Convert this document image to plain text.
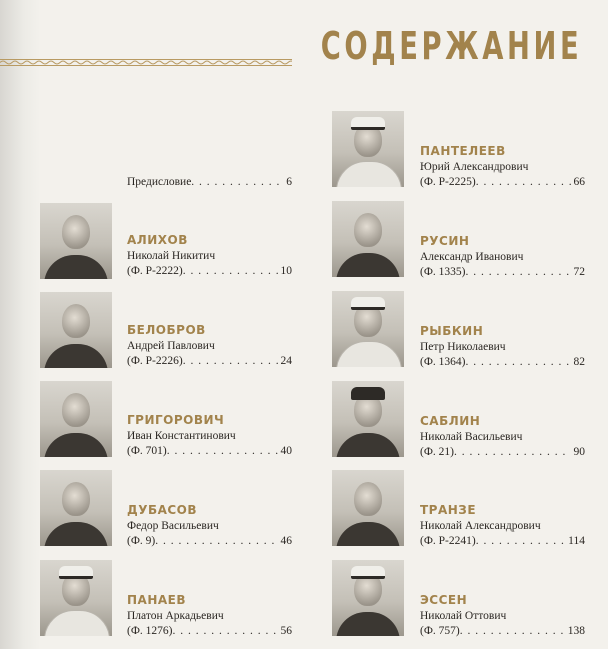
СОДЕРЖАНИЕ
Предисловие . . .	6
АЛИХОВ
Николай Никитич
(Ф. Р-2222) . . .	10
БЕЛОБРОВ
Андрей Павлович
(Ф. Р-2226) . . .	24
ГРИГОРОВИЧ
Иван Константинович
(Ф. 701) . . .	40
ДУБАСОВ
Федор Васильевич
(Ф. 9) . . .	46
ПАНАЕВ
Платон Аркадьевич
(Ф. 1276) . . .	56
ПАНТЕЛЕЕВ
Юрий Александрович
(Ф. Р-2225) . . .	66
РУСИН
Александр Иванович
(Ф. 1335) . . .	72
РЫБКИН
Петр Николаевич
(Ф. 1364) . . .	82
САБЛИН
Николай Васильевич
(Ф. 21) . . .	90
ТРАНЗЕ
Николай Александрович
(Ф. Р-2241) . . .	114
ЭССЕН
Николай Оттович
(Ф. 757) . . .	138
